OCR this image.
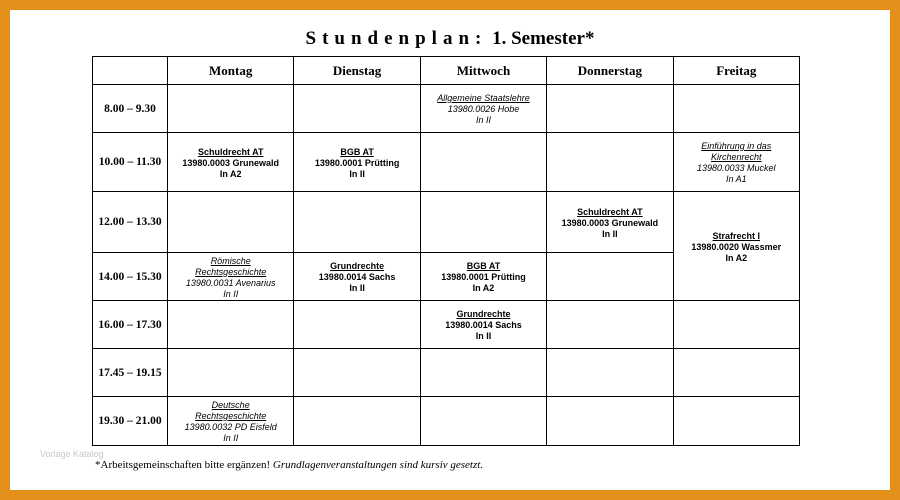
Stundenplan: 1. Semester*
	Montag	Dienstag	Mittwoch	Donnerstag	Freitag
8.00 – 9.30			Allgemeine Staatslehre
13980.0026 Hobe
In II		

10.00 – 11.30	Schuldrecht AT
13980.0003 Grunewald
In A2	BGB AT
13980.0001 Prütting
In II			Einführung in das
Kirchenrecht
13980.0033 Muckel
In A1

12.00 – 13.30				Schuldrecht AT
13980.0003 Grunewald
In II	Strafrecht I
13980.0020 Wassmer
In A2

14.00 – 15.30	Römische
Rechtsgeschichte
13980.0031 Avenarius
In II	Grundrechte
13980.0014 Sachs
In II	BGB AT
13980.0001 Prütting
In A2		

16.00 – 17.30			Grundrechte
13980.0014 Sachs
In II		

17.45 – 19.15					
19.30 – 21.00	Deutsche
Rechtsgeschichte
13980.0032 PD Eisfeld
In II				

Vorlage Katalog
*Arbeitsgemeinschaften bitte ergänzen! Grundlagenveranstaltungen sind kursiv gesetzt.
